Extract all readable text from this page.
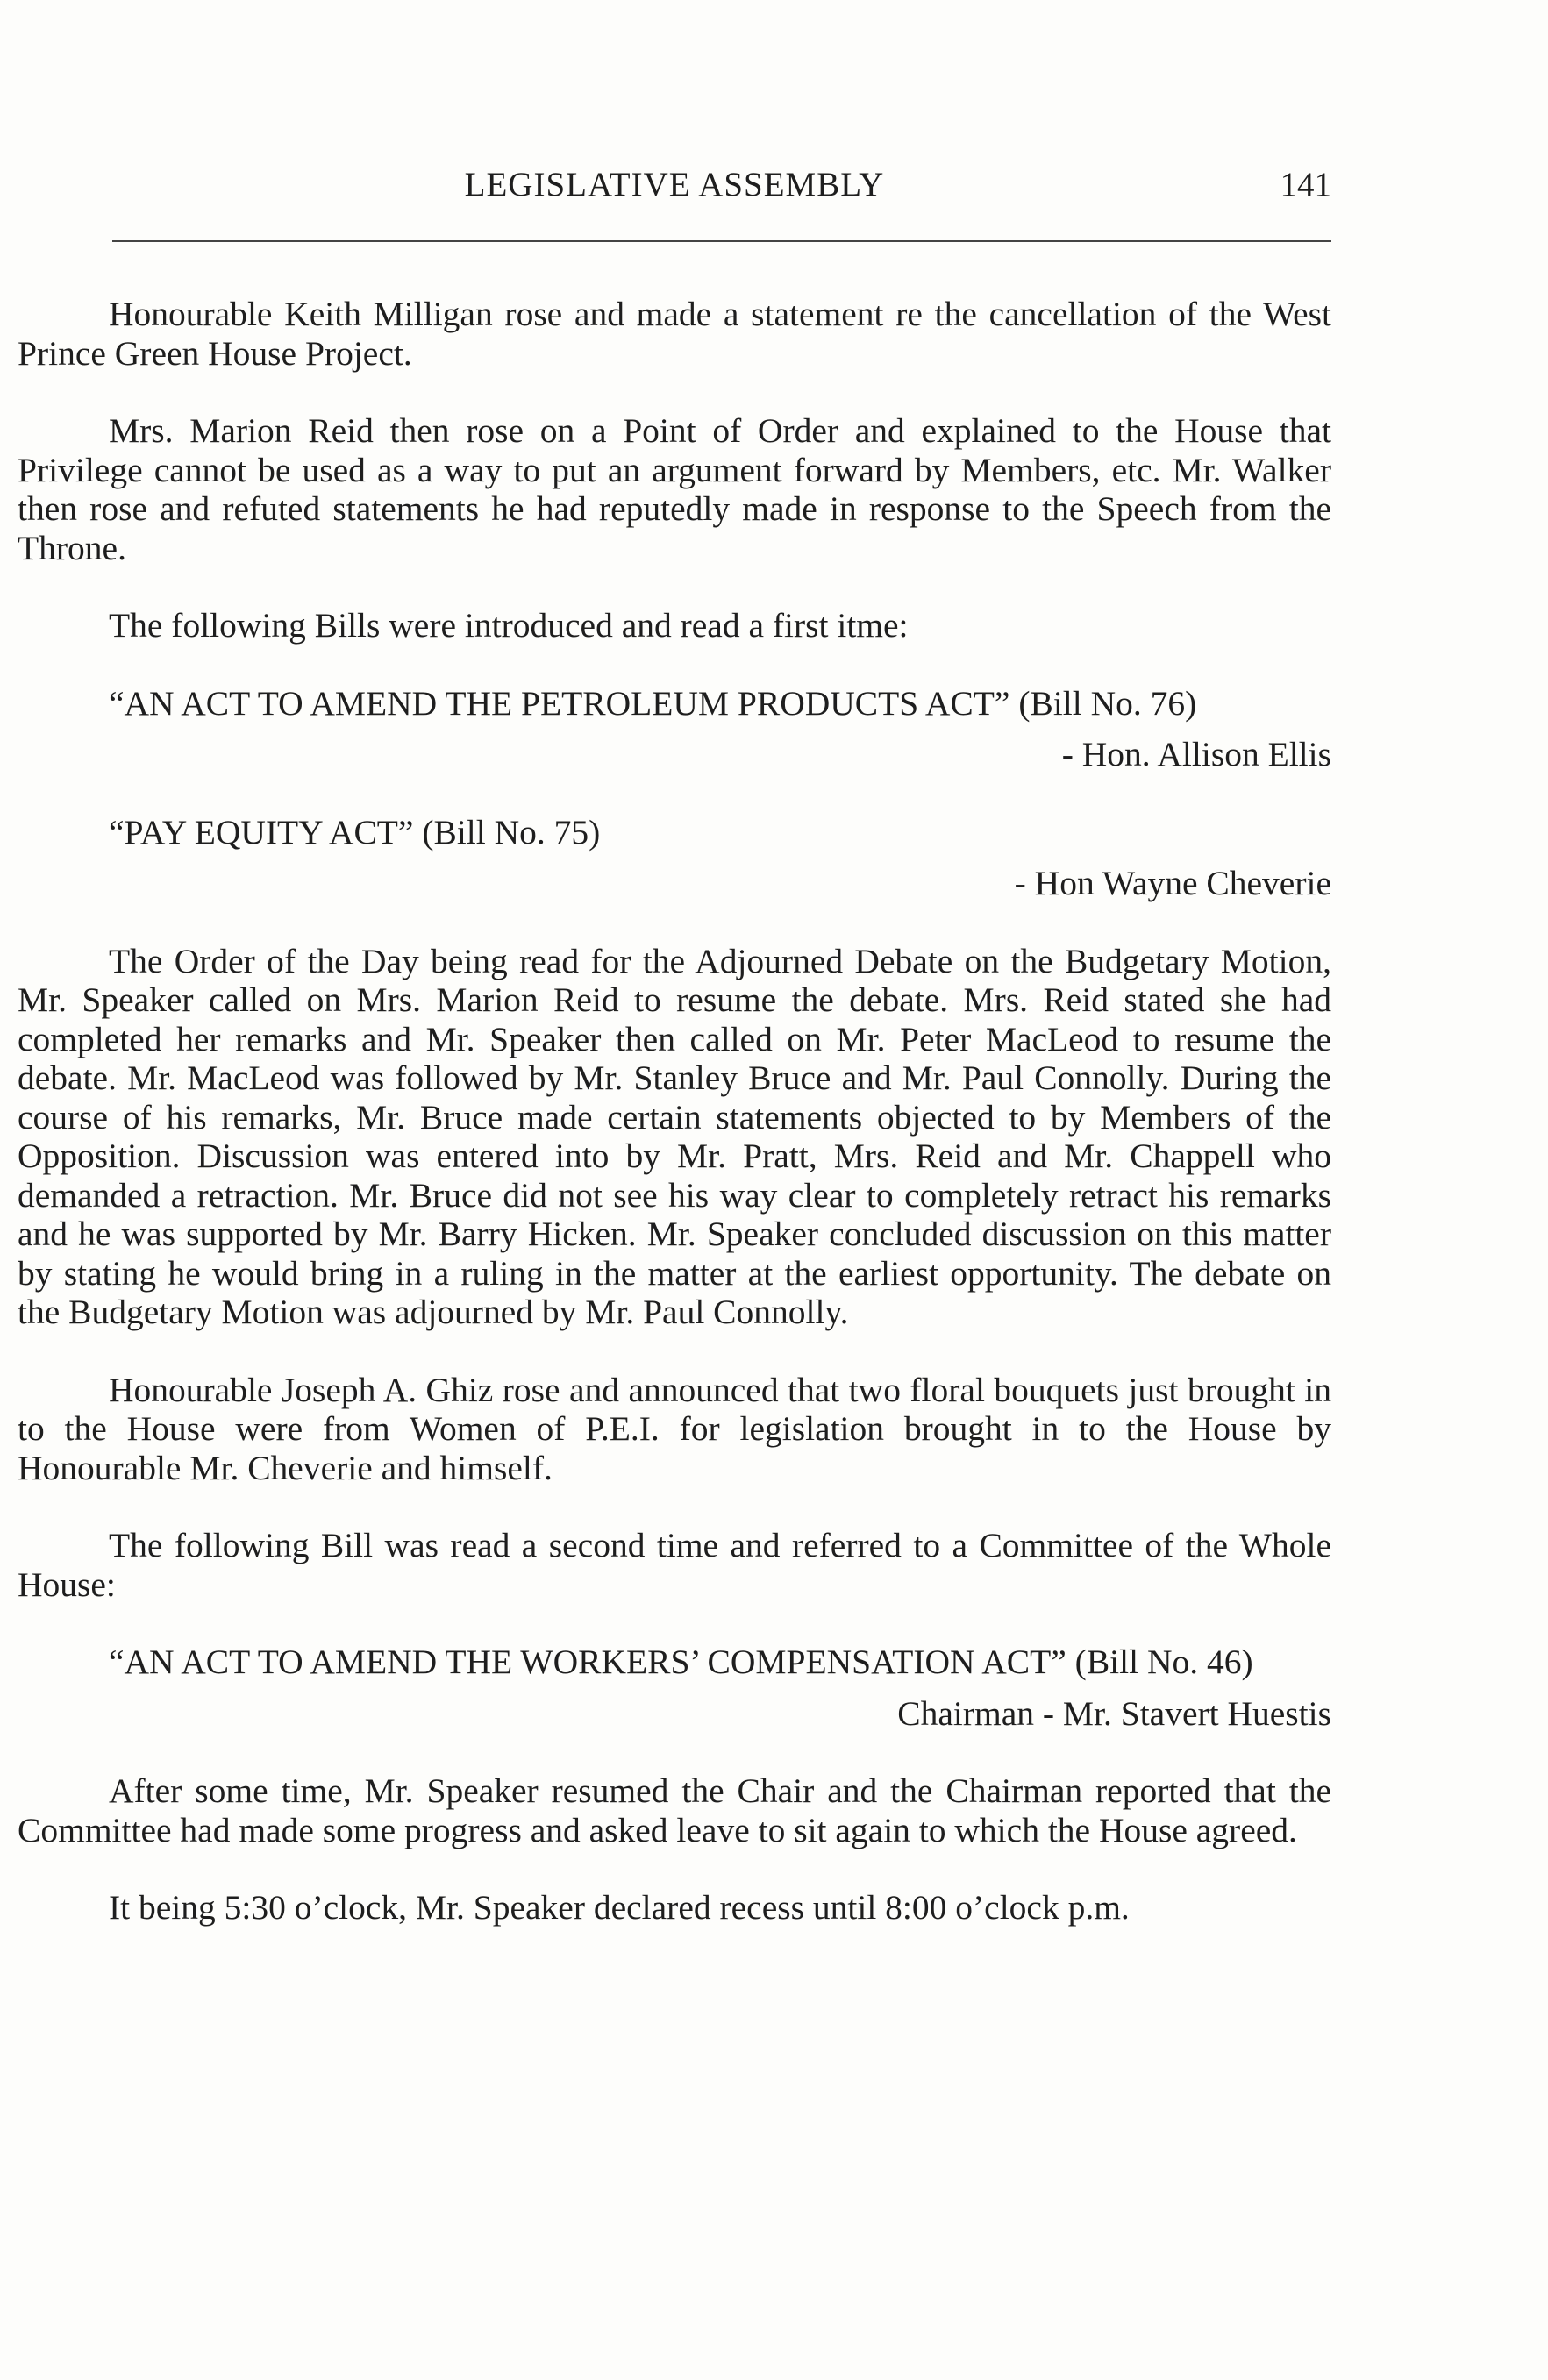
LEGISLATIVE ASSEMBLY	141

Honourable Keith Milligan rose and made a statement re the cancellation of the West Prince Green House Project.

Mrs. Marion Reid then rose on a Point of Order and explained to the House that Privilege cannot be used as a way to put an argument forward by Members, etc. Mr. Walker then rose and refuted statements he had reputedly made in response to the Speech from the Throne.

The following Bills were introduced and read a first itme:

“AN ACT TO AMEND THE PETROLEUM PRODUCTS ACT” (Bill No. 76)

- Hon. Allison Ellis

“PAY EQUITY ACT” (Bill No. 75)

- Hon Wayne Cheverie

The Order of the Day being read for the Adjourned Debate on the Budgetary Motion, Mr. Speaker called on Mrs. Marion Reid to resume the debate. Mrs. Reid stated she had completed her remarks and Mr. Speaker then called on Mr. Peter MacLeod to resume the debate. Mr. MacLeod was followed by Mr. Stanley Bruce and Mr. Paul Connolly. During the course of his remarks, Mr. Bruce made certain statements objected to by Members of the Opposition. Discussion was entered into by Mr. Pratt, Mrs. Reid and Mr. Chappell who demanded a retraction. Mr. Bruce did not see his way clear to completely retract his remarks and he was supported by Mr. Barry Hicken. Mr. Speaker concluded discussion on this matter by stating he would bring in a ruling in the matter at the earliest opportunity. The debate on the Budgetary Motion was adjourned by Mr. Paul Connolly.

Honourable Joseph A. Ghiz rose and announced that two floral bouquets just brought in to the House were from Women of P.E.I. for legislation brought in to the House by Honourable Mr. Cheverie and himself.

The following Bill was read a second time and referred to a Committee of the Whole House:

“AN ACT TO AMEND THE WORKERS’ COMPENSATION ACT” (Bill No. 46)

Chairman - Mr. Stavert Huestis

After some time, Mr. Speaker resumed the Chair and the Chairman reported that the Committee had made some progress and asked leave to sit again to which the House agreed.

It being 5:30 o’clock, Mr. Speaker declared recess until 8:00 o’clock p.m.
